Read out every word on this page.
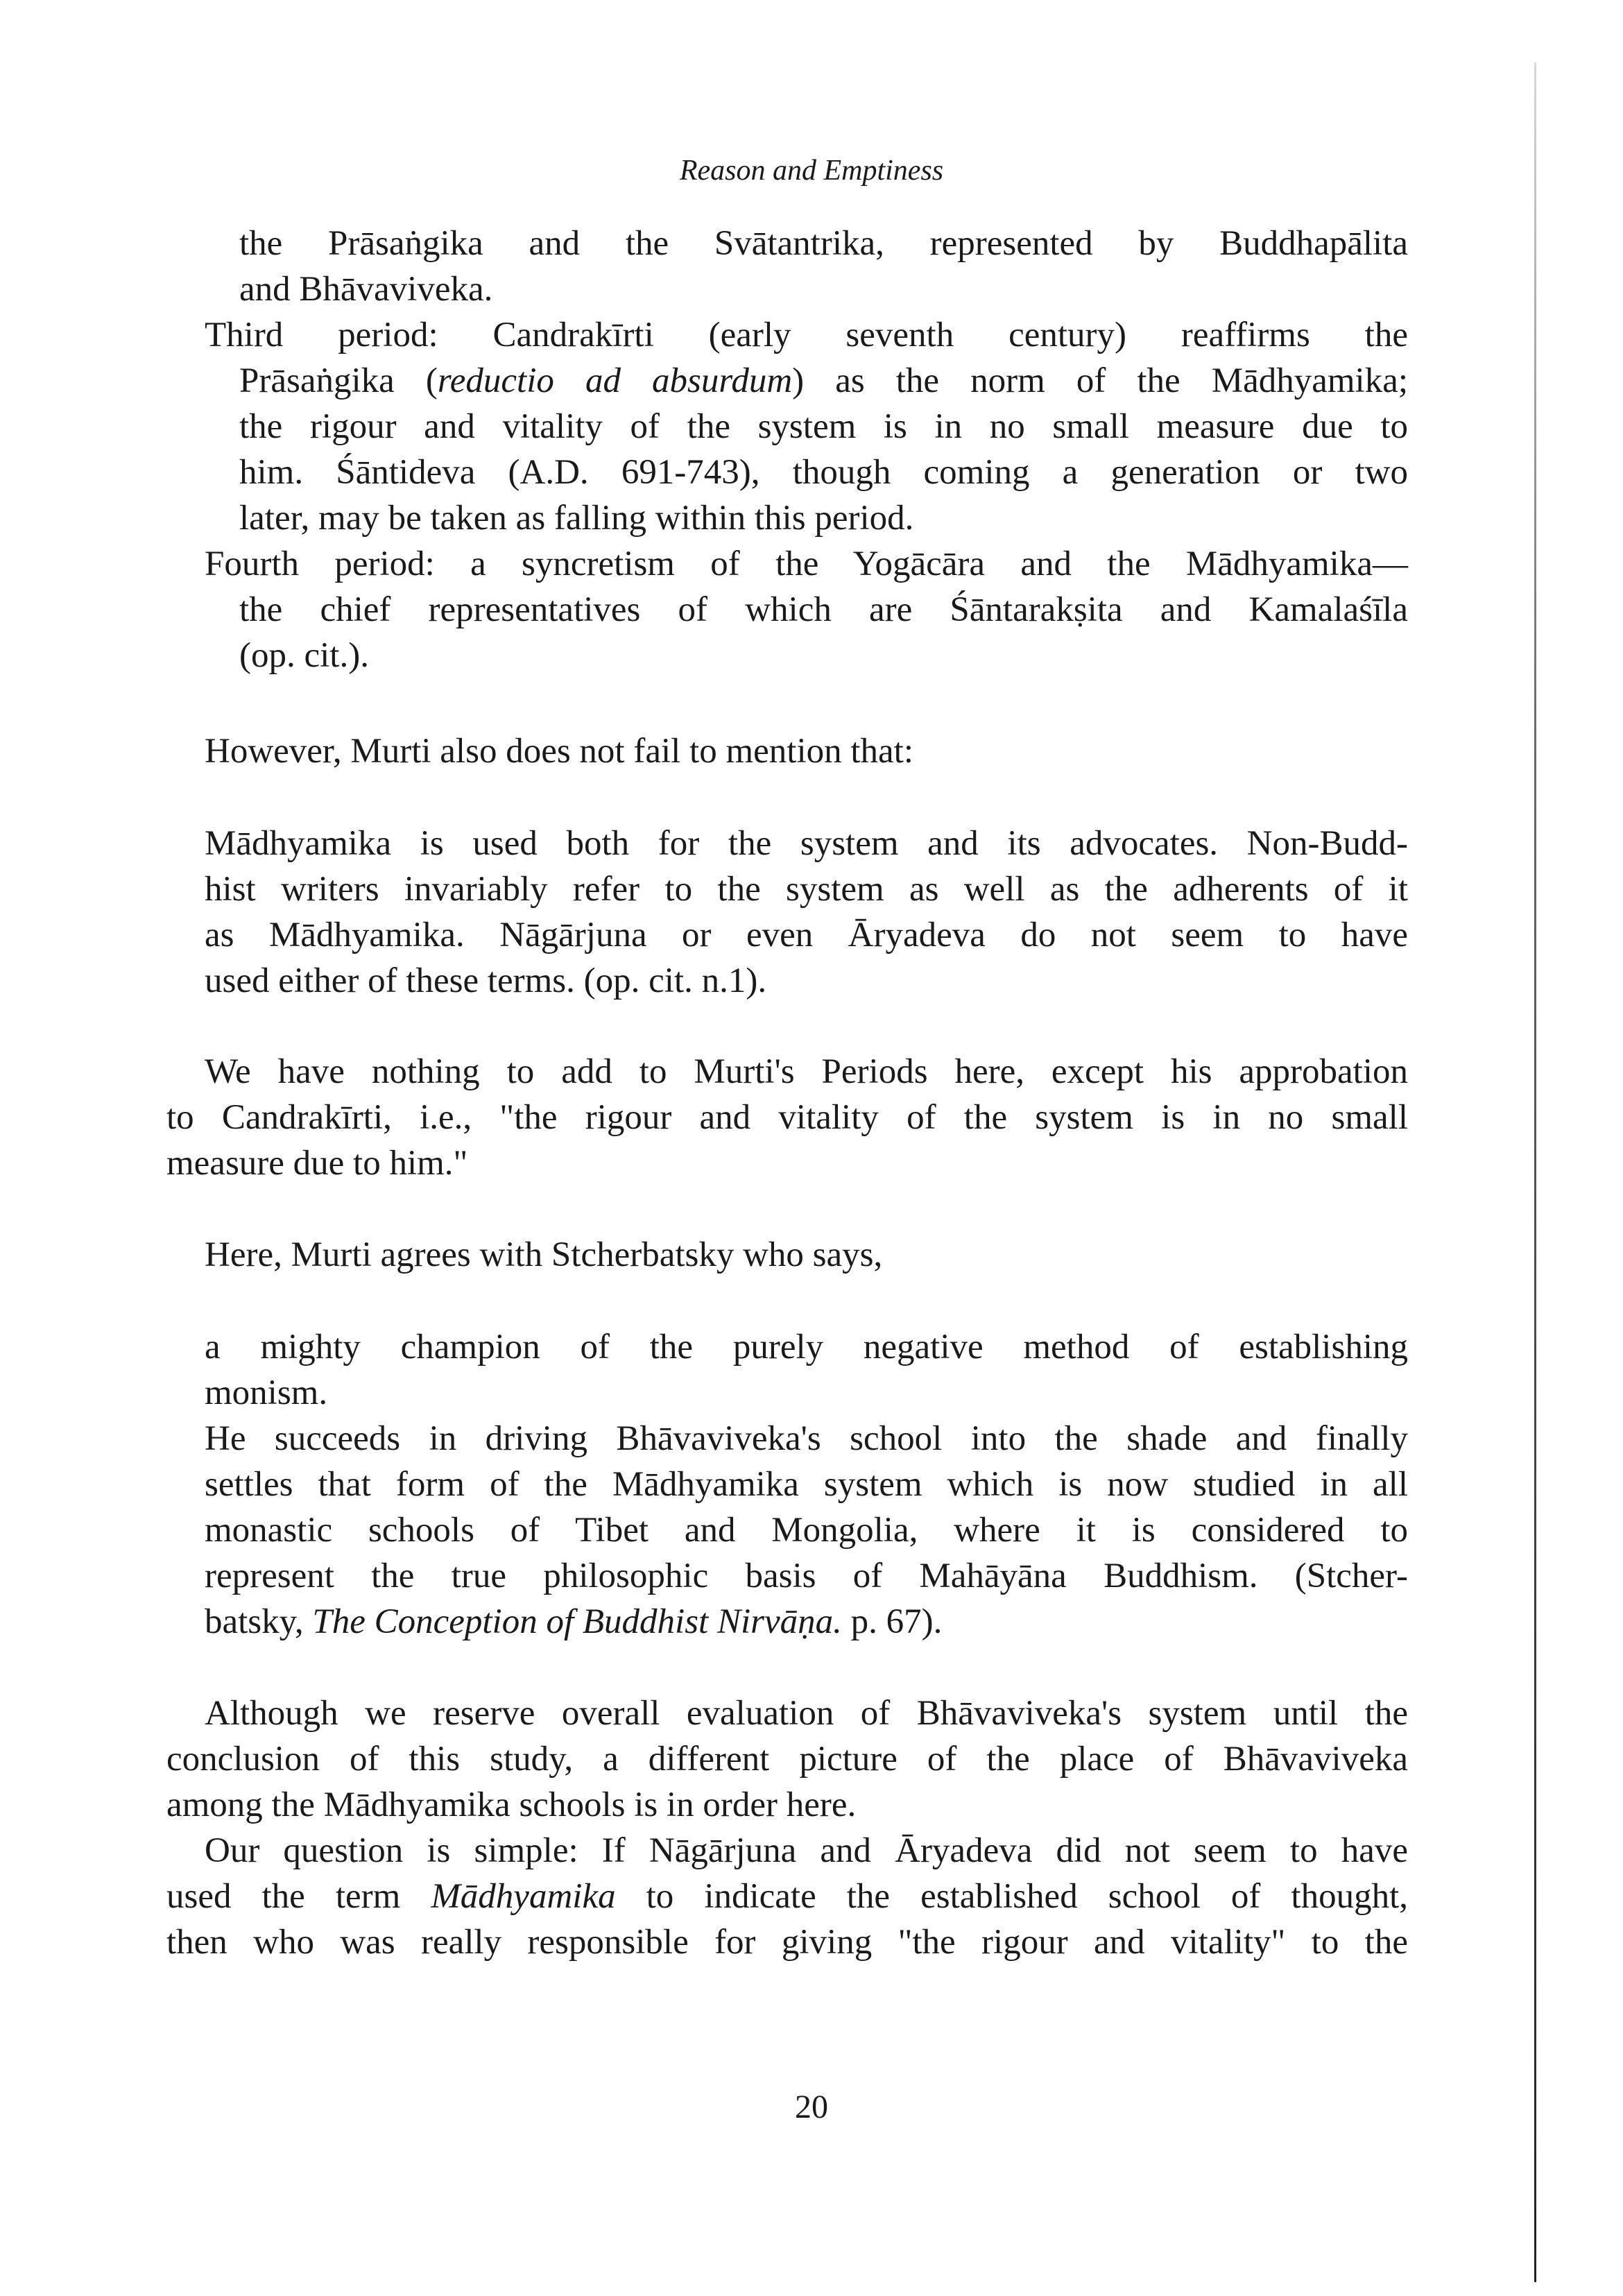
Reason and Emptiness
the Prāsaṅgika and the Svātantrika, represented by Buddhapālita
and Bhāvaviveka.
Third period: Candrakīrti (early seventh century) reaffirms the
Prāsaṅgika (reductio ad absurdum) as the norm of the Mādhyamika;
the rigour and vitality of the system is in no small measure due to
him. Śāntideva (A.D. 691-743), though coming a generation or two
later, may be taken as falling within this period.
Fourth period: a syncretism of the Yogācāra and the Mādhyamika—
the chief representatives of which are Śāntarakṣita and Kamalaśīla
(op. cit.).
However, Murti also does not fail to mention that:
Mādhyamika is used both for the system and its advocates. Non-Budd-
hist writers invariably refer to the system as well as the adherents of it
as Mādhyamika. Nāgārjuna or even Āryadeva do not seem to have
used either of these terms. (op. cit. n.1).
We have nothing to add to Murti's Periods here, except his approbation
to Candrakīrti, i.e., "the rigour and vitality of the system is in no small
measure due to him."
Here, Murti agrees with Stcherbatsky who says,
a mighty champion of the purely negative method of establishing
monism.
He succeeds in driving Bhāvaviveka's school into the shade and finally
settles that form of the Mādhyamika system which is now studied in all
monastic schools of Tibet and Mongolia, where it is considered to
represent the true philosophic basis of Mahāyāna Buddhism. (Stcher-
batsky, The Conception of Buddhist Nirvāṇa. p. 67).
Although we reserve overall evaluation of Bhāvaviveka's system until the
conclusion of this study, a different picture of the place of Bhāvaviveka
among the Mādhyamika schools is in order here.
Our question is simple: If Nāgārjuna and Āryadeva did not seem to have
used the term Mādhyamika to indicate the established school of thought,
then who was really responsible for giving "the rigour and vitality" to the
20
